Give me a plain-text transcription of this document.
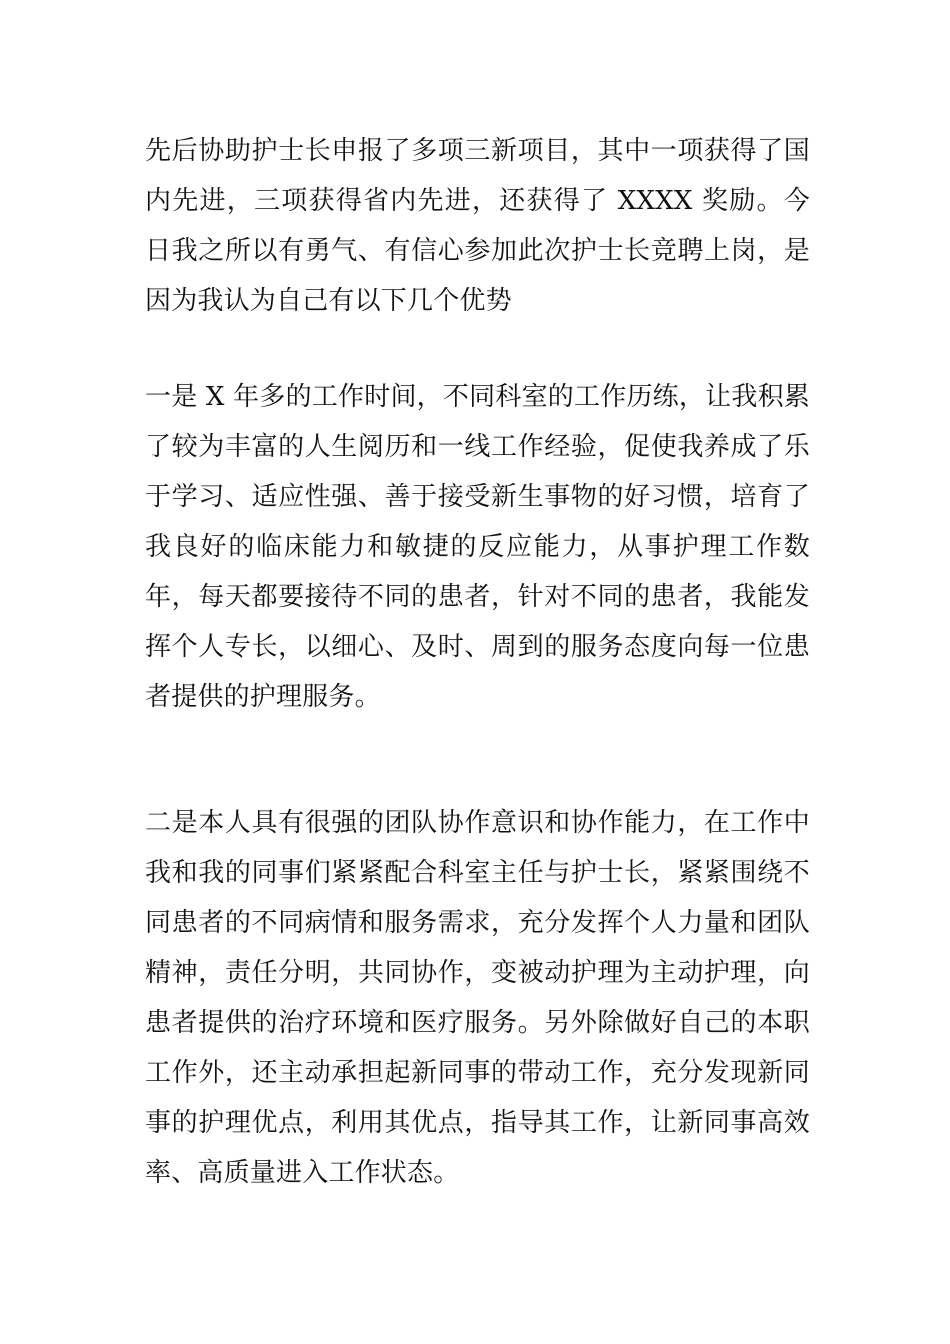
先后协助护士长申报了多项三新项目，其中一项获得了国内先进，三项获得省内先进，还获得了 XXXX 奖励。今日我之所以有勇气、有信心参加此次护士长竞聘上岗，是因为我认为自己有以下几个优势

一是 X 年多的工作时间，不同科室的工作历练，让我积累了较为丰富的人生阅历和一线工作经验，促使我养成了乐于学习、适应性强、善于接受新生事物的好习惯，培育了我良好的临床能力和敏捷的反应能力，从事护理工作数年，每天都要接待不同的患者，针对不同的患者，我能发挥个人专长，以细心、及时、周到的服务态度向每一位患者提供的护理服务。

二是本人具有很强的团队协作意识和协作能力，在工作中我和我的同事们紧紧配合科室主任与护士长，紧紧围绕不同患者的不同病情和服务需求，充分发挥个人力量和团队精神，责任分明，共同协作，变被动护理为主动护理，向患者提供的治疗环境和医疗服务。另外除做好自己的本职工作外，还主动承担起新同事的带动工作，充分发现新同事的护理优点，利用其优点，指导其工作，让新同事高效率、高质量进入工作状态。
